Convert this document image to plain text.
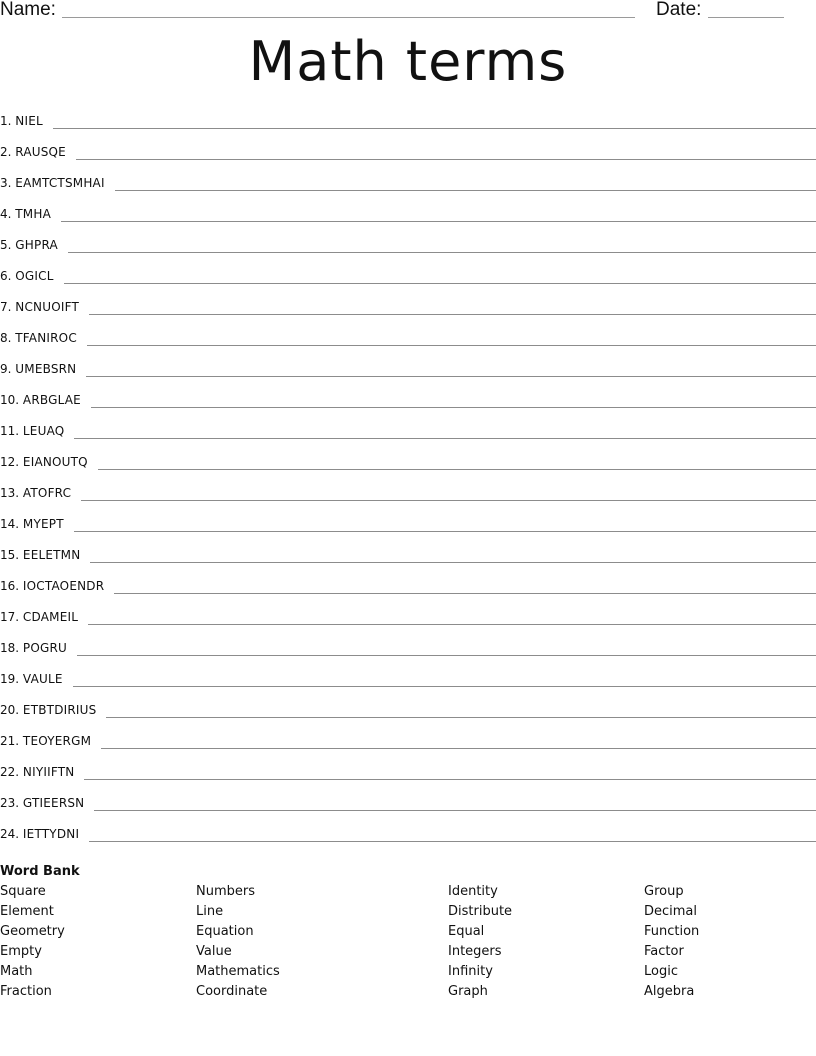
Name:	Date:
Math terms
1.
NIEL
2.
RAUSQE
3.
EAMTCTSMHAI
4.
TMHA
5.
GHPRA
6.
OGICL
7.
NCNUOIFT
8.
TFANIROC
9.
UMEBSRN
10.
ARBGLAE
11.
LEUAQ
12.
EIANOUTQ
13.
ATOFRC
14.
MYEPT
15.
EELETMN
16.
IOCTAOENDR
17.
CDAMEIL
18.
POGRU
19.
VAULE
20.
ETBTDIRIUS
21.
TEOYERGM
22.
NIYIIFTN
23.
GTIEERSN
24.
IETTYDNI
Word Bank
Square
Element
Geometry
Empty
Math
Fraction
Numbers
Line
Equation
Value
Mathematics
Coordinate
Identity
Distribute
Equal
Integers
Infinity
Graph
Group
Decimal
Function
Factor
Logic
Algebra
